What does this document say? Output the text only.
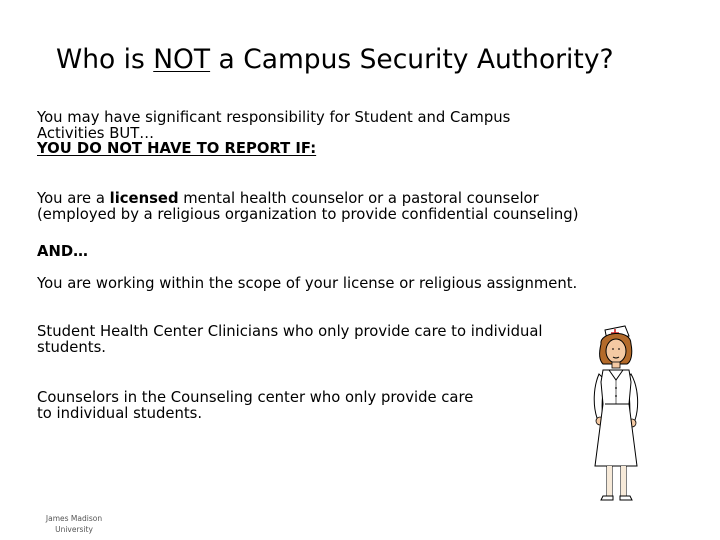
Who is NOT a Campus Security Authority?

You may have significant responsibility for Student and Campus
Activities BUT…
YOU DO NOT HAVE TO REPORT IF:

You are a licensed mental health counselor or a pastoral counselor
(employed by a religious organization to provide confidential counseling)

AND…

You are working within the scope of your license or religious assignment.

Student Health Center Clinicians who only provide care to individual
students.

Counselors in the Counseling center who only provide care
to individual students.

James Madison
University
